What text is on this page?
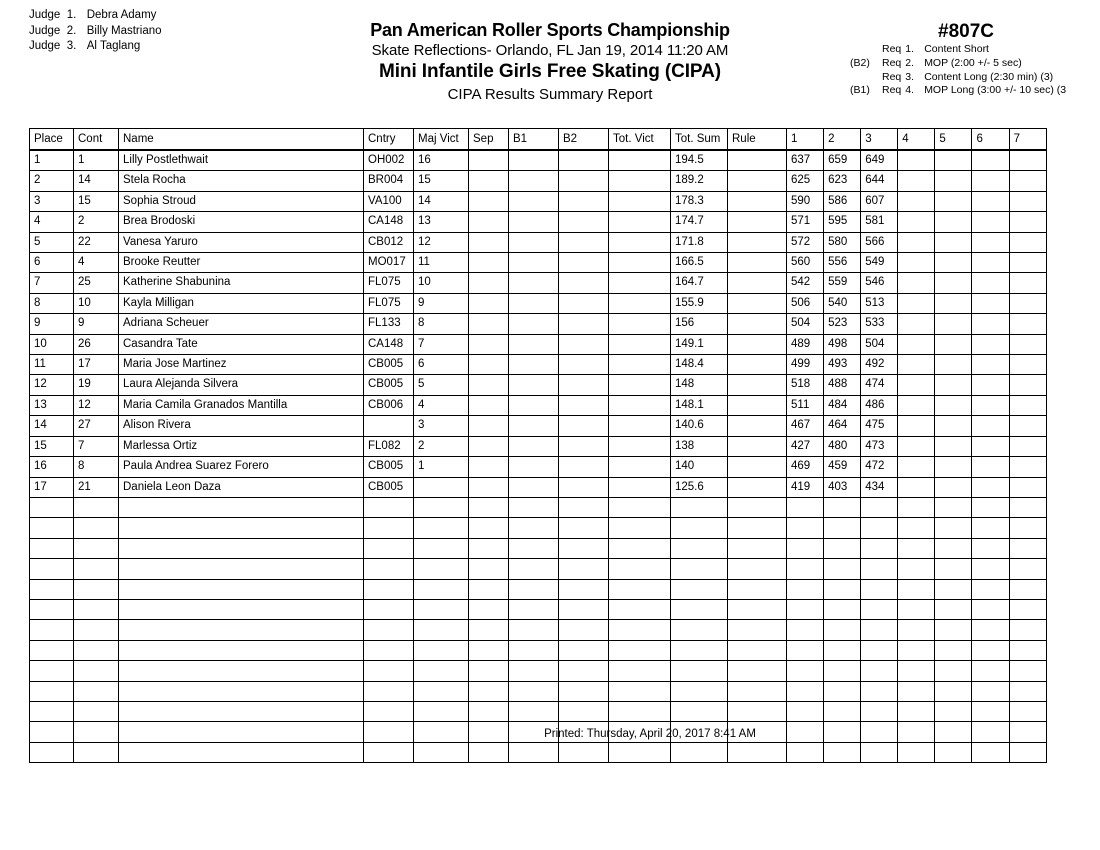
Judge 1. Debra Adamy
Judge 2. Billy Mastriano
Judge 3. Al Taglang
Pan American Roller Sports Championship
Skate Reflections- Orlando, FL Jan 19, 2014 11:20 AM
Mini Infantile Girls Free Skating (CIPA)
CIPA Results Summary Report
#807C
Req 1. Content Short
(B2) Req 2. MOP (2:00 +/- 5 sec)
Req 3. Content Long (2:30 min) (3)
(B1) Req 4. MOP Long (3:00 +/- 10 sec) (3
Place	Cont	Name	Cntry	Maj Vict	Sep	B1	B2	Tot. Vict	Tot. Sum	Rule	1	2	3	4	5	6	7
1	1	Lilly Postlethwait	OH002	16					194.5		637	659	649				
2	14	Stela Rocha	BR004	15					189.2		625	623	644				
3	15	Sophia Stroud	VA100	14					178.3		590	586	607				
4	2	Brea Brodoski	CA148	13					174.7		571	595	581				
5	22	Vanesa Yaruro	CB012	12					171.8		572	580	566				
6	4	Brooke Reutter	MO017	11					166.5		560	556	549				
7	25	Katherine Shabunina	FL075	10					164.7		542	559	546				
8	10	Kayla Milligan	FL075	9					155.9		506	540	513				
9	9	Adriana Scheuer	FL133	8					156		504	523	533				
10	26	Casandra Tate	CA148	7					149.1		489	498	504				
11	17	Maria Jose Martinez	CB005	6					148.4		499	493	492				
12	19	Laura Alejanda Silvera	CB005	5					148		518	488	474				
13	12	Maria Camila Granados Mantilla	CB006	4					148.1		511	484	486				
14	27	Alison Rivera		3					140.6		467	464	475				
15	7	Marlessa Ortiz	FL082	2					138		427	480	473				
16	8	Paula Andrea Suarez Forero	CB005	1					140		469	459	472				
17	21	Daniela Leon Daza	CB005						125.6		419	403	434				

Printed: Thursday, April 20, 2017 8:41 AM
